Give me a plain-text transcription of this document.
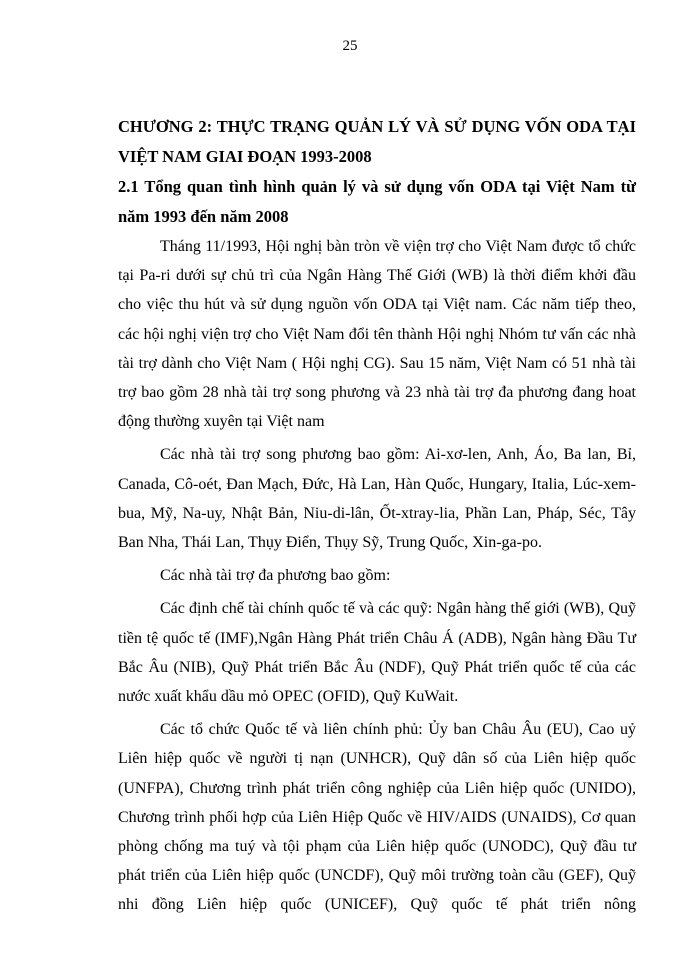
25

CHƯƠNG 2: THỰC TRẠNG QUẢN LÝ VÀ SỬ DỤNG VỐN ODA TẠI VIỆT NAM GIAI ĐOẠN 1993-2008

2.1 Tổng quan tình hình quản lý và sử dụng vốn ODA tại Việt Nam từ năm 1993 đến năm 2008

Tháng 11/1993, Hội nghị bàn tròn về viện trợ cho Việt Nam được tổ chức tại Pa-ri dưới sự chủ trì của Ngân Hàng Thế Giới (WB) là thời điểm khởi đầu cho việc thu hút và sử dụng nguồn vốn ODA tại Việt nam. Các năm tiếp theo, các hội nghị viện trợ cho Việt Nam đổi tên thành Hội nghị Nhóm tư vấn các nhà tài trợ dành cho Việt Nam ( Hội nghị CG). Sau 15 năm, Việt Nam có 51 nhà tài trợ bao gồm 28 nhà tài trợ song phương và 23 nhà tài trợ đa phương đang hoat động thường xuyên tại Việt nam

Các nhà tài trợ song phương bao gồm: Ai-xơ-len, Anh, Áo, Ba lan, Bỉ, Canada, Cô-oét, Đan Mạch, Đức, Hà Lan, Hàn Quốc, Hungary, Italia, Lúc-xem-bua, Mỹ, Na-uy, Nhật Bản, Niu-di-lân, Ốt-xtray-lia, Phần Lan, Pháp, Séc, Tây Ban Nha, Thái Lan, Thụy Điển, Thụy Sỹ, Trung Quốc, Xin-ga-po.

Các nhà tài trợ đa phương bao gồm:

Các định chế tài chính quốc tế và các quỹ: Ngân hàng thế giới (WB), Quỹ tiền tệ quốc tế (IMF),Ngân Hàng Phát triển Châu Á (ADB), Ngân hàng Đầu Tư Bắc Âu (NIB), Quỹ Phát triển Bắc Âu (NDF), Quỹ Phát triển quốc tế của các nước xuất khẩu dầu mỏ OPEC (OFID), Quỹ KuWait.

Các tổ chức Quốc tế và liên chính phủ: Ủy ban Châu Âu (EU), Cao uỷ Liên hiệp quốc về người tị nạn (UNHCR), Quỹ dân số của Liên hiệp quốc (UNFPA), Chương trình phát triển công nghiệp của Liên hiệp quốc (UNIDO), Chương trình phối hợp của Liên Hiệp Quốc về HIV/AIDS (UNAIDS), Cơ quan phòng chống ma tuý và tội phạm của Liên hiệp quốc (UNODC), Quỹ đầu tư phát triển của Liên hiệp quốc (UNCDF), Quỹ môi trường toàn cầu (GEF), Quỹ nhi đồng Liên hiệp quốc (UNICEF), Quỹ quốc tế phát triển nông
